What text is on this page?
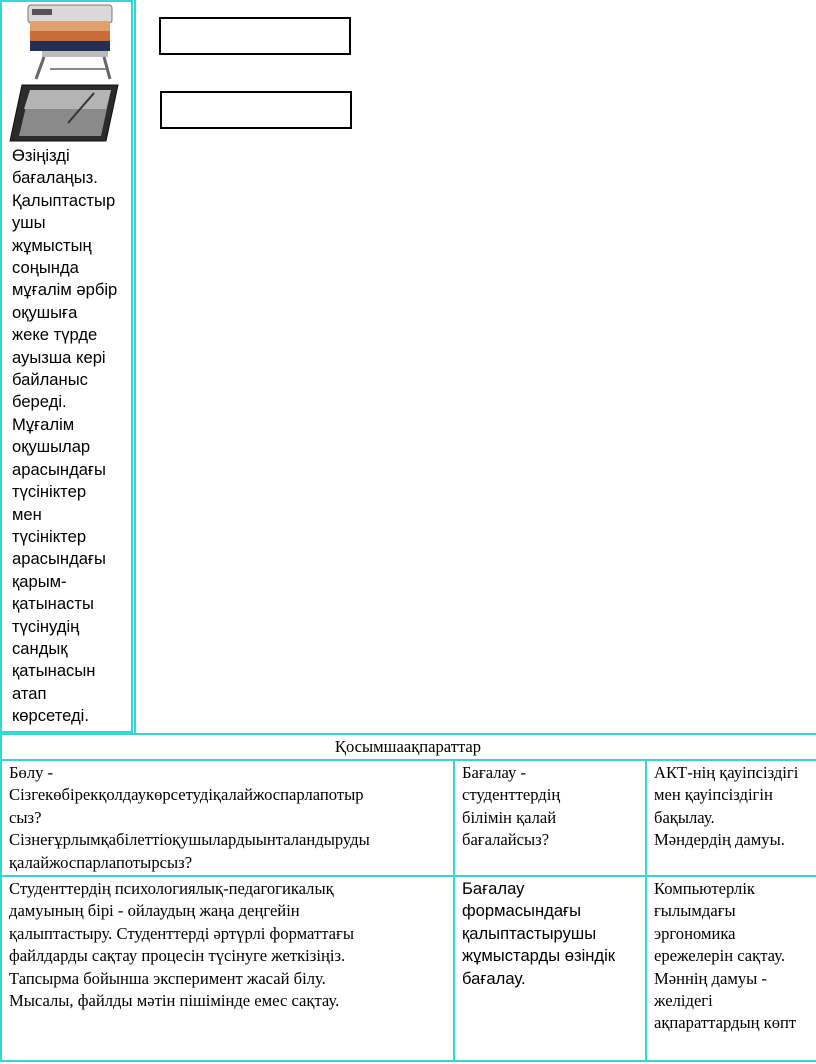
Өзіңізді
бағалаңыз.
Қалыптастыр
ушы
жұмыстың
соңында
мұғалім әрбір
оқушыға
жеке түрде
ауызша кері
байланыс
береді.
Мұғалім
оқушылар
арасындағы
түсініктер
мен
түсініктер
арасындағы
қарым-
қатынасты
түсінудің
сандық
қатынасын
атап
көрсетеді.
Қосымшаақпараттар
Бөлу -
Сізгекөбірекқолдаукөрсетудіқалайжоспарлапотыр
сыз?
Сізнеғұрлымқабілеттіоқушылардыынталандыруды
қалайжоспарлапотырсыз?
Бағалау -
студенттердің
білімін қалай
бағалайсыз?
АКТ-нің қауіпсіздігі
мен қауіпсіздігін
бақылау.
Мәндердің дамуы.
Студенттердің психологиялық-педагогикалық
дамуының бірі - ойлаудың жаңа деңгейін
қалыптастыру. Студенттерді әртүрлі форматтағы
файлдарды сақтау процесін түсінуге жеткізіңіз.
Тапсырма бойынша эксперимент жасай білу.
Мысалы, файлды мәтін пішімінде емес сақтау.
Бағалау
формасындағы
қалыптастырушы
жұмыстарды өзіндік
бағалау.
Компьютерлік
ғылымдағы
эргономика
ережелерін сақтау.
Мәннің дамуы -
желідегі
ақпараттардың көпт
